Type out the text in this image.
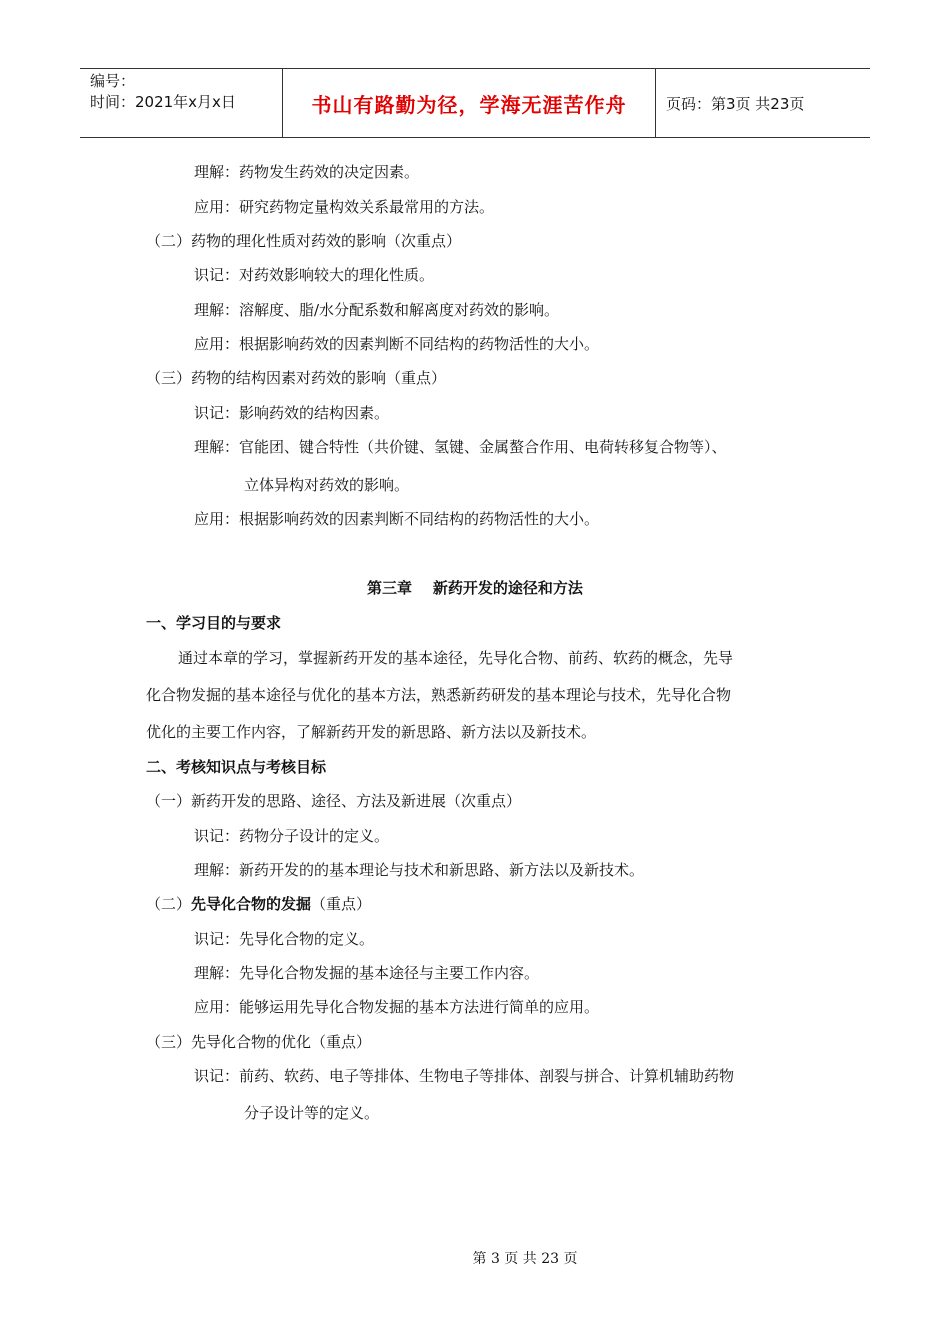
编号：
时间：2021年x月x日	书山有路勤为径，学海无涯苦作舟	页码：第3页 共23页
理解：药物发生药效的决定因素。
应用：研究药物定量构效关系最常用的方法。
（二）药物的理化性质对药效的影响（次重点）
识记：对药效影响较大的理化性质。
理解：溶解度、脂/水分配系数和解离度对药效的影响。
应用：根据影响药效的因素判断不同结构的药物活性的大小。
（三）药物的结构因素对药效的影响（重点）
识记：影响药效的结构因素。
理解：官能团、键合特性（共价键、氢键、金属螯合作用、电荷转移复合物等）、
立体异构对药效的影响。
应用：根据影响药效的因素判断不同结构的药物活性的大小。
第三章    新药开发的途径和方法
一、学习目的与要求
通过本章的学习，掌握新药开发的基本途径，先导化合物、前药、软药的概念，先导
化合物发掘的基本途径与优化的基本方法，熟悉新药研发的基本理论与技术，先导化合物
优化的主要工作内容，了解新药开发的新思路、新方法以及新技术。
二、考核知识点与考核目标
（一）新药开发的思路、途径、方法及新进展（次重点）
识记：药物分子设计的定义。
理解：新药开发的的基本理论与技术和新思路、新方法以及新技术。
（二）先导化合物的发掘（重点）
识记：先导化合物的定义。
理解：先导化合物发掘的基本途径与主要工作内容。
应用：能够运用先导化合物发掘的基本方法进行简单的应用。
（三）先导化合物的优化（重点）
识记：前药、软药、电子等排体、生物电子等排体、剖裂与拼合、计算机辅助药物
分子设计等的定义。
第 3 页 共 23 页
